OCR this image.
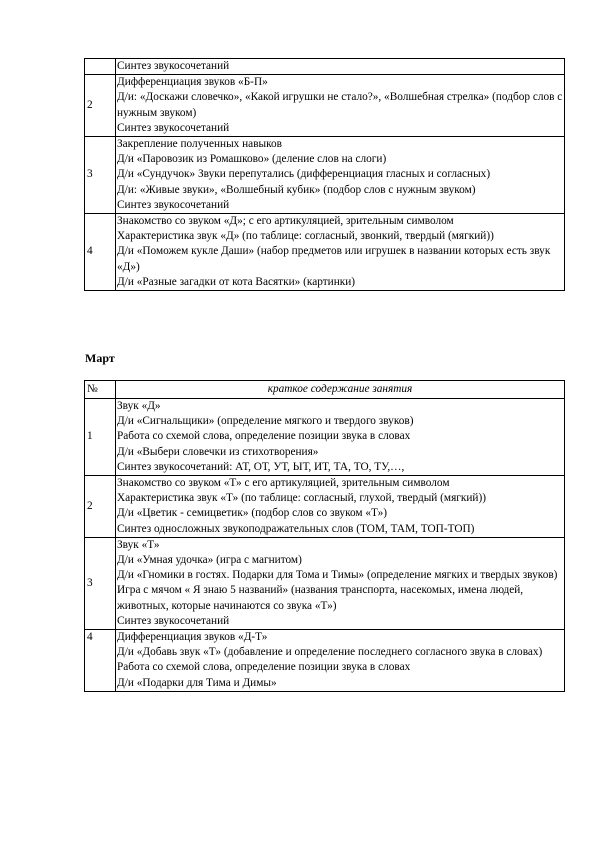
	Синтез звукосочетаний

2	Дифференциация звуков «Б-П»
Д/и: «Доскажи словечко», «Какой игрушки не стало?», «Волшебная стрелка» (подбор слов с нужным звуком)
Синтез звукосочетаний

3	Закрепление полученных навыков
Д/и «Паровозик из Ромашково» (деление слов на слоги)
Д/и «Сундучок» Звуки перепутались (дифференциация гласных и согласных)
Д/и: «Живые звуки», «Волшебный кубик» (подбор слов с нужным звуком)
Синтез звукосочетаний

4	Знакомство со звуком «Д»; с его артикуляцией, зрительным символом
Характеристика звук «Д» (по таблице: согласный, звонкий, твердый (мягкий))
Д/и «Поможем кукле Даши» (набор предметов или игрушек в названии которых есть звук «Д»)
Д/и «Разные загадки от кота Васятки» (картинки)
Март
№	краткое содержание занятия
1	Звук «Д»
Д/и «Сигнальщики» (определение мягкого и твердого звуков)
Работа со схемой слова, определение позиции звука в словах
Д/и «Выбери словечки из стихотворения»
Синтез звукосочетаний: АТ, ОТ, УТ, ЫТ, ИТ, ТА, ТО, ТУ,…,

2	Знакомство со звуком «Т» с его артикуляцией, зрительным символом
Характеристика звук «Т» (по таблице: согласный, глухой, твердый (мягкий))
Д/и «Цветик - семицветик» (подбор слов со звуком «Т»)
Синтез односложных звукоподражательных слов (ТОМ, ТАМ, ТОП-ТОП)

3	Звук «Т»
Д/и «Умная удочка» (игра с магнитом)
Д/и «Гномики в гостях. Подарки для Тома и Тимы» (определение мягких и твердых звуков)
Игра с мячом « Я знаю 5 названий» (названия транспорта, насекомых, имена людей, животных, которые начинаются со звука «Т»)
Синтез звукосочетаний

4	Дифференциация звуков «Д-Т»
Д/и «Добавь звук «Т» (добавление и определение последнего согласного звука в словах)
Работа со схемой слова, определение позиции звука в словах
Д/и «Подарки для Тима и Димы»
